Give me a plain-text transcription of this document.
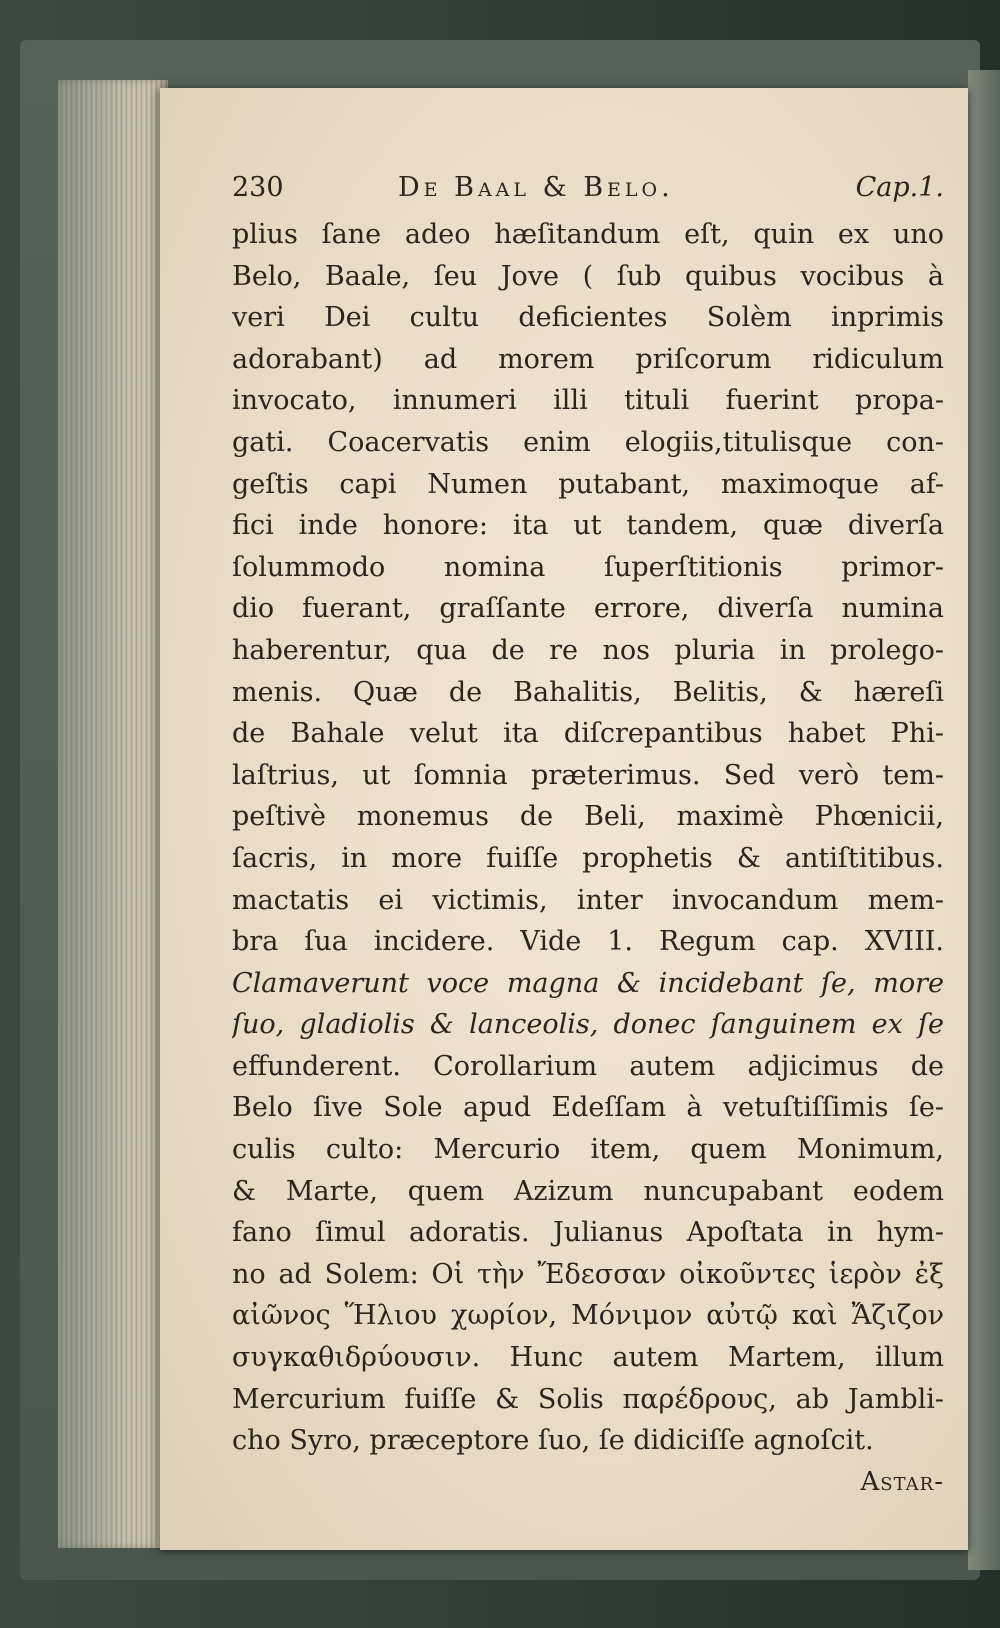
230	De Baal & Belo.	Cap.1.
plius ſane adeo hæſitandum eſt, quin ex uno
Belo, Baale, ſeu Jove ( ſub quibus vocibus à
veri Dei cultu deficientes Solèm inprimis
adorabant) ad morem priſcorum ridiculum
invocato, innumeri illi tituli fuerint propa-
gati. Coacervatis enim elogiis,titulisque con-
geſtis capi Numen putabant, maximoque af-
fici inde honore: ita ut tandem, quæ diverſa
ſolummodo nomina ſuperſtitionis primor-
dio fuerant, graſſante errore, diverſa numina
haberentur, qua de re nos pluria in prolego-
menis. Quæ de Bahalitis, Belitis, & hæreſi
de Bahale velut ita diſcrepantibus habet Phi-
laſtrius, ut ſomnia præterimus. Sed verò tem-
peſtivè monemus de Beli, maximè Phœnicii,
ſacris, in more fuiſſe prophetis & antiſtitibus.
mactatis ei victimis, inter invocandum mem-
bra ſua incidere. Vide 1. Regum cap. XVIII.
Clamaverunt voce magna & incidebant ſe, more
ſuo, gladiolis & lanceolis, donec ſanguinem ex ſe
effunderent. Corollarium autem adjicimus de
Belo ſive Sole apud Edeſſam à vetuſtiſſimis ſe-
culis culto: Mercurio item, quem Monimum,
& Marte, quem Azizum nuncupabant eodem
fano ſimul adoratis. Julianus Apoſtata in hym-
no ad Solem: Οἱ τὴν Ἔδεσσαν οἰκοῦντες ἱερὸν ἐξ
αἰῶνος Ἥλιου χωρίον, Μόνιμον αὐτῷ καὶ Ἄζιζον
συγκαθιδρύουσιν. Hunc autem Martem, illum
Mercurium fuiſſe & Solis παρέδρους, ab Jambli-
cho Syro, præceptore ſuo, ſe didiciſſe agnoſcit.
Astar-
